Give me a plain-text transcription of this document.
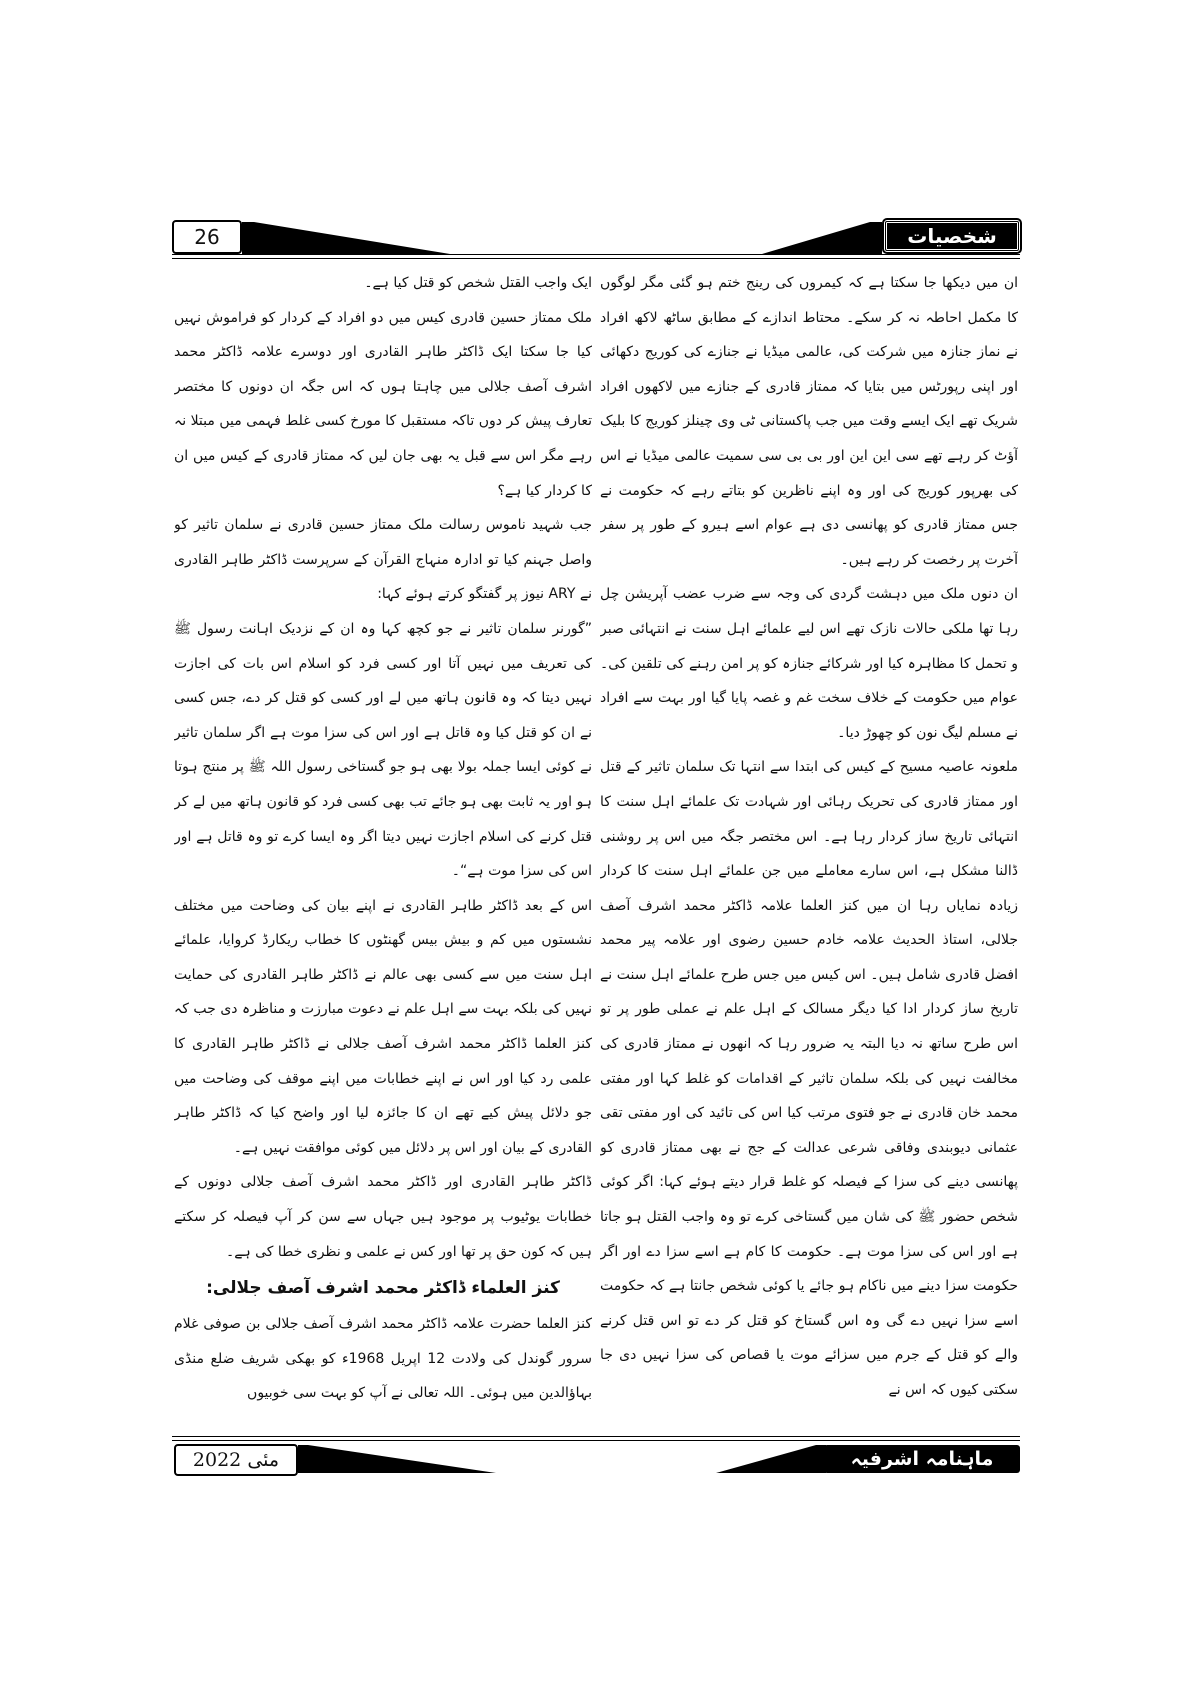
26	شخصیات

ان میں دیکھا جا سکتا ہے کہ کیمروں کی رینج ختم ہو گئی مگر لوگوں کا مکمل احاطہ نہ کر سکے۔ محتاط اندازے کے مطابق ساٹھ لاکھ افراد نے نماز جنازہ میں شرکت کی، عالمی میڈیا نے جنازے کی کوریج دکھائی اور اپنی رپورٹس میں بتایا کہ ممتاز قادری کے جنازے میں لاکھوں افراد شریک تھے ایک ایسے وقت میں جب پاکستانی ٹی وی چینلز کوریج کا بلیک آؤٹ کر رہے تھے سی این این اور بی بی سی سمیت عالمی میڈیا نے اس کی بھرپور کوریج کی اور وہ اپنے ناظرین کو بتاتے رہے کہ حکومت نے جس ممتاز قادری کو پھانسی دی ہے عوام اسے ہیرو کے طور پر سفر آخرت پر رخصت کر رہے ہیں۔

ان دنوں ملک میں دہشت گردی کی وجہ سے ضرب عضب آپریشن چل رہا تھا ملکی حالات نازک تھے اس لیے علمائے اہل سنت نے انتہائی صبر و تحمل کا مظاہرہ کیا اور شرکائے جنازہ کو پر امن رہنے کی تلقین کی۔ عوام میں حکومت کے خلاف سخت غم و غصہ پایا گیا اور بہت سے افراد نے مسلم لیگ نون کو چھوڑ دیا۔

ملعونہ عاصیہ مسیح کے کیس کی ابتدا سے انتہا تک سلمان تاثیر کے قتل اور ممتاز قادری کی تحریک رہائی اور شہادت تک علمائے اہل سنت کا انتہائی تاریخ ساز کردار رہا ہے۔ اس مختصر جگہ میں اس پر روشنی ڈالنا مشکل ہے، اس سارے معاملے میں جن علمائے اہل سنت کا کردار زیادہ نمایاں رہا ان میں کنز العلما علامہ ڈاکٹر محمد اشرف آصف جلالی، استاذ الحدیث علامہ خادم حسین رضوی اور علامہ پیر محمد افضل قادری شامل ہیں۔ اس کیس میں جس طرح علمائے اہل سنت نے تاریخ ساز کردار ادا کیا دیگر مسالک کے اہل علم نے عملی طور پر تو اس طرح ساتھ نہ دیا البتہ یہ ضرور رہا کہ انھوں نے ممتاز قادری کی مخالفت نہیں کی بلکہ سلمان تاثیر کے اقدامات کو غلط کہا اور مفتی محمد خان قادری نے جو فتوی مرتب کیا اس کی تائید کی اور مفتی تقی عثمانی دیوبندی وفاقی شرعی عدالت کے جج نے بھی ممتاز قادری کو پھانسی دینے کی سزا کے فیصلہ کو غلط قرار دیتے ہوئے کہا: اگر کوئی شخص حضور ﷺ کی شان میں گستاخی کرے تو وہ واجب القتل ہو جاتا ہے اور اس کی سزا موت ہے۔ حکومت کا کام ہے اسے سزا دے اور اگر حکومت سزا دینے میں ناکام ہو جائے یا کوئی شخص جانتا ہے کہ حکومت اسے سزا نہیں دے گی وہ اس گستاخ کو قتل کر دے تو اس قتل کرنے والے کو قتل کے جرم میں سزائے موت یا قصاص کی سزا نہیں دی جا سکتی کیوں کہ اس نے

ایک واجب القتل شخص کو قتل کیا ہے۔

ملک ممتاز حسین قادری کیس میں دو افراد کے کردار کو فراموش نہیں کیا جا سکتا ایک ڈاکٹر طاہر القادری اور دوسرے علامہ ڈاکٹر محمد اشرف آصف جلالی میں چاہتا ہوں کہ اس جگہ ان دونوں کا مختصر تعارف پیش کر دوں تاکہ مستقبل کا مورخ کسی غلط فہمی میں مبتلا نہ رہے مگر اس سے قبل یہ بھی جان لیں کہ ممتاز قادری کے کیس میں ان کا کردار کیا ہے؟

جب شہید ناموس رسالت ملک ممتاز حسین قادری نے سلمان تاثیر کو واصل جہنم کیا تو ادارہ منہاج القرآن کے سرپرست ڈاکٹر طاہر القادری نے ARY نیوز پر گفتگو کرتے ہوئے کہا:

”گورنر سلمان تاثیر نے جو کچھ کہا وہ ان کے نزدیک اہانت رسول ﷺ کی تعریف میں نہیں آتا اور کسی فرد کو اسلام اس بات کی اجازت نہیں دیتا کہ وہ قانون ہاتھ میں لے اور کسی کو قتل کر دے، جس کسی نے ان کو قتل کیا وہ قاتل ہے اور اس کی سزا موت ہے اگر سلمان تاثیر نے کوئی ایسا جملہ بولا بھی ہو جو گستاخی رسول اللہ ﷺ پر منتج ہوتا ہو اور یہ ثابت بھی ہو جائے تب بھی کسی فرد کو قانون ہاتھ میں لے کر قتل کرنے کی اسلام اجازت نہیں دیتا اگر وہ ایسا کرے تو وہ قاتل ہے اور اس کی سزا موت ہے“۔

اس کے بعد ڈاکٹر طاہر القادری نے اپنے بیان کی وضاحت میں مختلف نشستوں میں کم و بیش بیس گھنٹوں کا خطاب ریکارڈ کروایا، علمائے اہل سنت میں سے کسی بھی عالم نے ڈاکٹر طاہر القادری کی حمایت نہیں کی بلکہ بہت سے اہل علم نے دعوت مبارزت و مناظرہ دی جب کہ کنز العلما ڈاکٹر محمد اشرف آصف جلالی نے ڈاکٹر طاہر القادری کا علمی رد کیا اور اس نے اپنے خطابات میں اپنے موقف کی وضاحت میں جو دلائل پیش کیے تھے ان کا جائزہ لیا اور واضح کیا کہ ڈاکٹر طاہر القادری کے بیان اور اس پر دلائل میں کوئی موافقت نہیں ہے۔

ڈاکٹر طاہر القادری اور ڈاکٹر محمد اشرف آصف جلالی دونوں کے خطابات یوٹیوب پر موجود ہیں جہاں سے سن کر آپ فیصلہ کر سکتے ہیں کہ کون حق پر تھا اور کس نے علمی و نظری خطا کی ہے۔

کنز العلماء ڈاکٹر محمد اشرف آصف جلالی:

کنز العلما حضرت علامہ ڈاکٹر محمد اشرف آصف جلالی بن صوفی غلام سرور گوندل کی ولادت 12 اپریل 1968ء کو بھکی شریف ضلع منڈی بہاؤالدین میں ہوئی۔ اللہ تعالی نے آپ کو بہت سی خوبیوں

مئی 2022	ماہنامہ اشرفیہ
